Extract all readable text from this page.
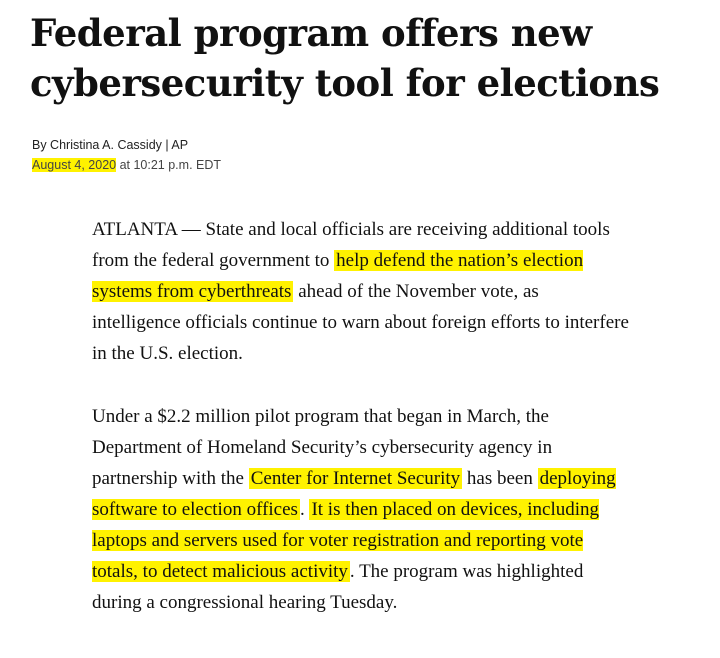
Federal program offers new cybersecurity tool for elections
By Christina A. Cassidy | AP
August 4, 2020 at 10:21 p.m. EDT

ATLANTA — State and local officials are receiving additional tools from the federal government to help defend the nation’s election systems from cyberthreats ahead of the November vote, as intelligence officials continue to warn about foreign efforts to interfere in the U.S. election.

Under a $2.2 million pilot program that began in March, the Department of Homeland Security’s cybersecurity agency in partnership with the Center for Internet Security has been deploying software to election offices . It is then placed on devices, including laptops and servers used for voter registration and reporting vote totals, to detect malicious activity . The program was highlighted during a congressional hearing Tuesday.
